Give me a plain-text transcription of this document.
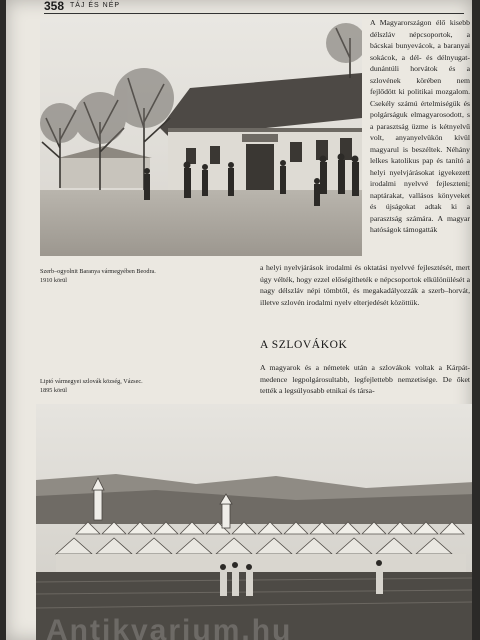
358 TÁJ ÉS NÉP
A Magyarországon élő kisebb délszláv népcsoportok, a bácskai bunyevácok, a baranyai sokácok, a dél- és délnyugat-dunántúli horvátok és a szlovének körében nem fejlődött ki politikai mozgalom. Csekély számú értelmiségük és polgárságuk elmagyarosodott, s a parasztság üzme is kétnyelvű volt, anyanyelvükön kívül magyarul is beszéltek. Néhány lelkes katolikus pap és tanító a helyi nyelvjárásokat igyekezett irodalmi nyelvvé fejleszteni; naptárakat, vallásos könyveket és újságokat adtak ki a parasztság számára. A magyar hatóságok támogatták
Szerb–ogyolnit Baranya vármegyében Beodra. 1910 körül
a helyi nyelvjárások irodalmi és oktatási nyelvvé fejlesztését, mert úgy vélték, hogy ezzel előségítheték e népcsoportok elkülönülését a nagy délszláv népi tömbtől, és megakadályozzák a szerb–horvát, illetve szlovén irodalmi nyelv elterjedését közöttük.
A SZLOVÁKOK
A magyarok és a németek után a szlovákok voltak a Kárpát-medence legpolgárosultabb, legfejlettebb nemzetisége. De őket tették a legsúlyosabb etnikai és társa-
Liptó vármegyei szlovák község, Vázsec. 1895 körül
Antikvarium.hu
